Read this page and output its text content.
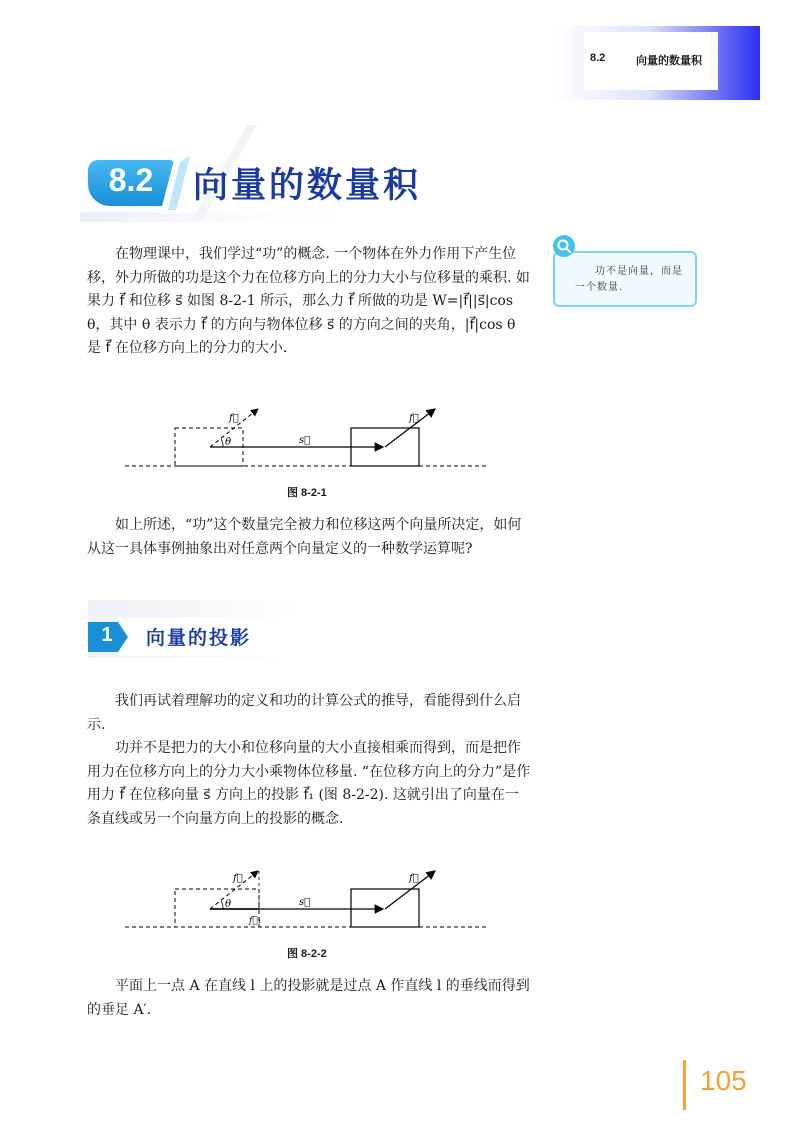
8.2	向量的数量积
8.2	向量的数量积
功不是向量，而是一个数量.

在物理课中，我们学过“功”的概念. 一个物体在外力作用下产生位移，外力所做的功是这个力在位移方向上的分力大小与位移量的乘积. 如果力 f⃗ 和位移 s⃗ 如图 8-2-1 所示，那么力 f⃗ 所做的功是 W=|f⃗||s⃗|cos θ，其中 θ 表示力 f⃗ 的方向与物体位移 s⃗ 的方向之间的夹角，|f⃗|cos θ 是 f⃗ 在位移方向上的分力的大小.

f⃗
θ	s⃗
f⃗
图 8-2-1

如上所述，“功”这个数量完全被力和位移这两个向量所决定，如何从这一具体事例抽象出对任意两个向量定义的一种数学运算呢?

1 向量的投影

我们再试着理解功的定义和功的计算公式的推导，看能得到什么启示.

功并不是把力的大小和位移向量的大小直接相乘而得到，而是把作用力在位移方向上的分力大小乘物体位移量. “在位移方向上的分力”是作用力 f⃗ 在位移向量 s⃗ 方向上的投影 f⃗₁ (图 8-2-2). 这就引出了向量在一条直线或另一个向量方向上的投影的概念.

f⃗
θ
f⃗₁
s⃗
f⃗
图 8-2-2

平面上一点 A 在直线 l 上的投影就是过点 A 作直线 l 的垂线而得到的垂足 A′.

105
